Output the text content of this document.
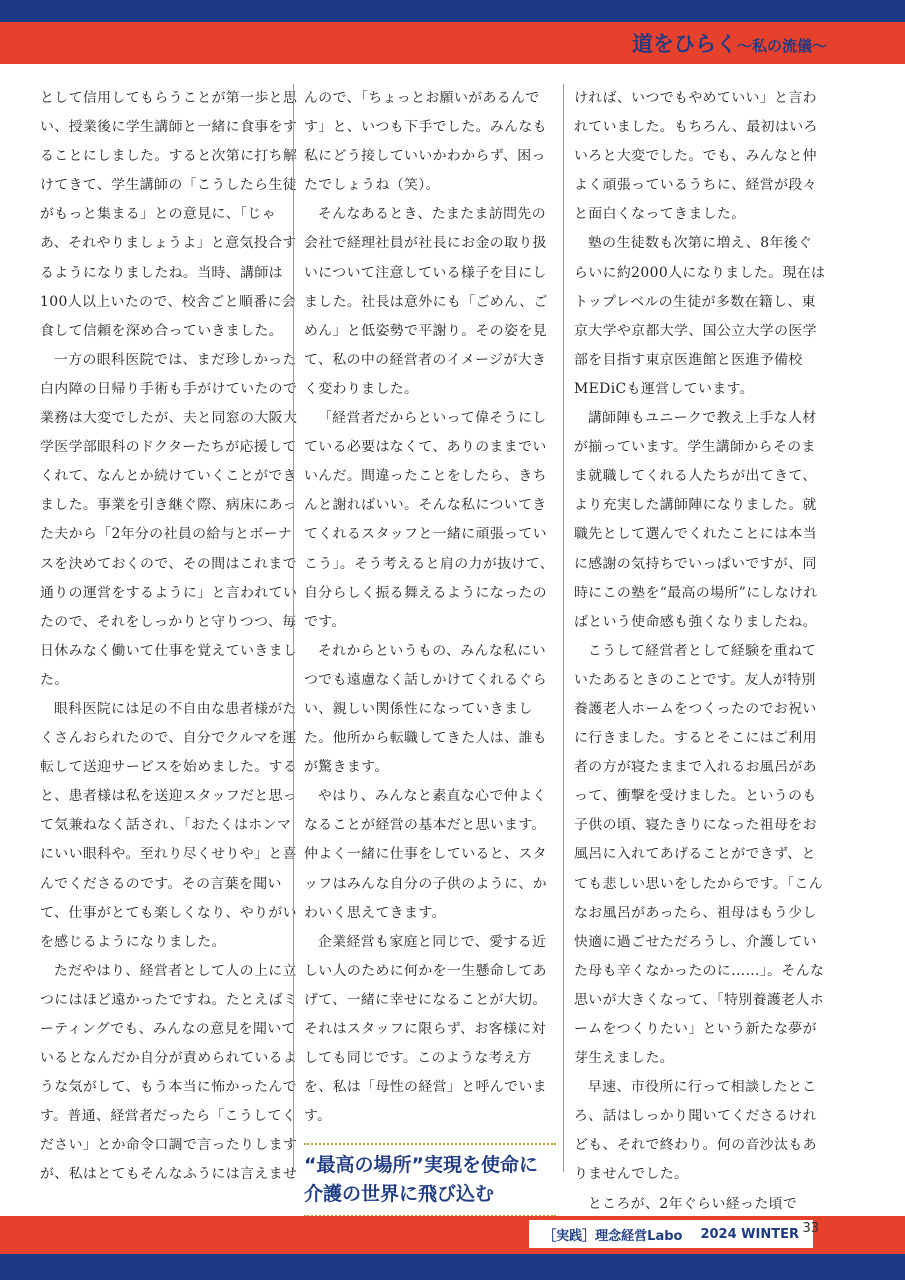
道をひらく〜私の流儀〜

として信用してもらうことが第一歩と思い、授業後に学生講師と一緒に食事をすることにしました。すると次第に打ち解けてきて、学生講師の「こうしたら生徒がもっと集まる」との意見に、「じゃあ、それやりましょうよ」と意気投合するようになりましたね。当時、講師は100人以上いたので、校舎ごと順番に会食して信頼を深め合っていきました。

一方の眼科医院では、まだ珍しかった白内障の日帰り手術も手がけていたので業務は大変でしたが、夫と同窓の大阪大学医学部眼科のドクターたちが応援してくれて、なんとか続けていくことができました。事業を引き継ぐ際、病床にあった夫から「2年分の社員の給与とボーナスを決めておくので、その間はこれまで通りの運営をするように」と言われていたので、それをしっかりと守りつつ、毎日休みなく働いて仕事を覚えていきました。

眼科医院には足の不自由な患者様がたくさんおられたので、自分でクルマを運転して送迎サービスを始めました。すると、患者様は私を送迎スタッフだと思って気兼ねなく話され、「おたくはホンマにいい眼科や。至れり尽くせりや」と喜んでくださるのです。その言葉を聞いて、仕事がとても楽しくなり、やりがいを感じるようになりました。

ただやはり、経営者として人の上に立つにはほど遠かったですね。たとえばミーティングでも、みんなの意見を聞いているとなんだか自分が責められているような気がして、もう本当に怖かったんです。普通、経営者だったら「こうしてください」とか命令口調で言ったりしますが、私はとてもそんなふうには言えませ

んので、「ちょっとお願いがあるんです」と、いつも下手でした。みんなも私にどう接していいかわからず、困ったでしょうね（笑）。

そんなあるとき、たまたま訪問先の会社で経理社員が社長にお金の取り扱いについて注意している様子を目にしました。社長は意外にも「ごめん、ごめん」と低姿勢で平謝り。その姿を見て、私の中の経営者のイメージが大きく変わりました。

「経営者だからといって偉そうにしている必要はなくて、ありのままでいいんだ。間違ったことをしたら、きちんと謝ればいい。そんな私についてきてくれるスタッフと一緒に頑張っていこう」。そう考えると肩の力が抜けて、自分らしく振る舞えるようになったのです。

それからというもの、みんな私にいつでも遠慮なく話しかけてくれるぐらい、親しい関係性になっていきました。他所から転職してきた人は、誰もが驚きます。

やはり、みんなと素直な心で仲よくなることが経営の基本だと思います。仲よく一緒に仕事をしていると、スタッフはみんな自分の子供のように、かわいく思えてきます。

企業経営も家庭と同じで、愛する近しい人のために何かを一生懸命してあげて、一緒に幸せになることが大切。それはスタッフに限らず、お客様に対しても同じです。このような考え方を、私は「母性の経営」と呼んでいます。

“最高の場所”実現を使命に
介護の世界に飛び込む

ければ、いつでもやめていい」と言われていました。もちろん、最初はいろいろと大変でした。でも、みんなと仲よく頑張っているうちに、経営が段々と面白くなってきました。

塾の生徒数も次第に増え、8年後ぐらいに約2000人になりました。現在はトップレベルの生徒が多数在籍し、東京大学や京都大学、国公立大学の医学部を目指す東京医進館と医進予備校MEDiCも運営しています。

講師陣もユニークで教え上手な人材が揃っています。学生講師からそのまま就職してくれる人たちが出てきて、より充実した講師陣になりました。就職先として選んでくれたことには本当に感謝の気持ちでいっぱいですが、同時にこの塾を“最高の場所”にしなければという使命感も強くなりましたね。

こうして経営者として経験を重ねていたあるときのことです。友人が特別養護老人ホームをつくったのでお祝いに行きました。するとそこにはご利用者の方が寝たままで入れるお風呂があって、衝撃を受けました。というのも子供の頃、寝たきりになった祖母をお風呂に入れてあげることができず、とても悲しい思いをしたからです。「こんなお風呂があったら、祖母はもう少し快適に過ごせただろうし、介護していた母も辛くなかったのに……」。そんな思いが大きくなって、「特別養護老人ホームをつくりたい」という新たな夢が芽生えました。

早速、市役所に行って相談したところ、話はしっかり聞いてくださるけれども、それで終わり。何の音沙汰もありませんでした。

ところが、2年ぐらい経った頃で

［実践］理念経営Labo 2024 WINTER 33
